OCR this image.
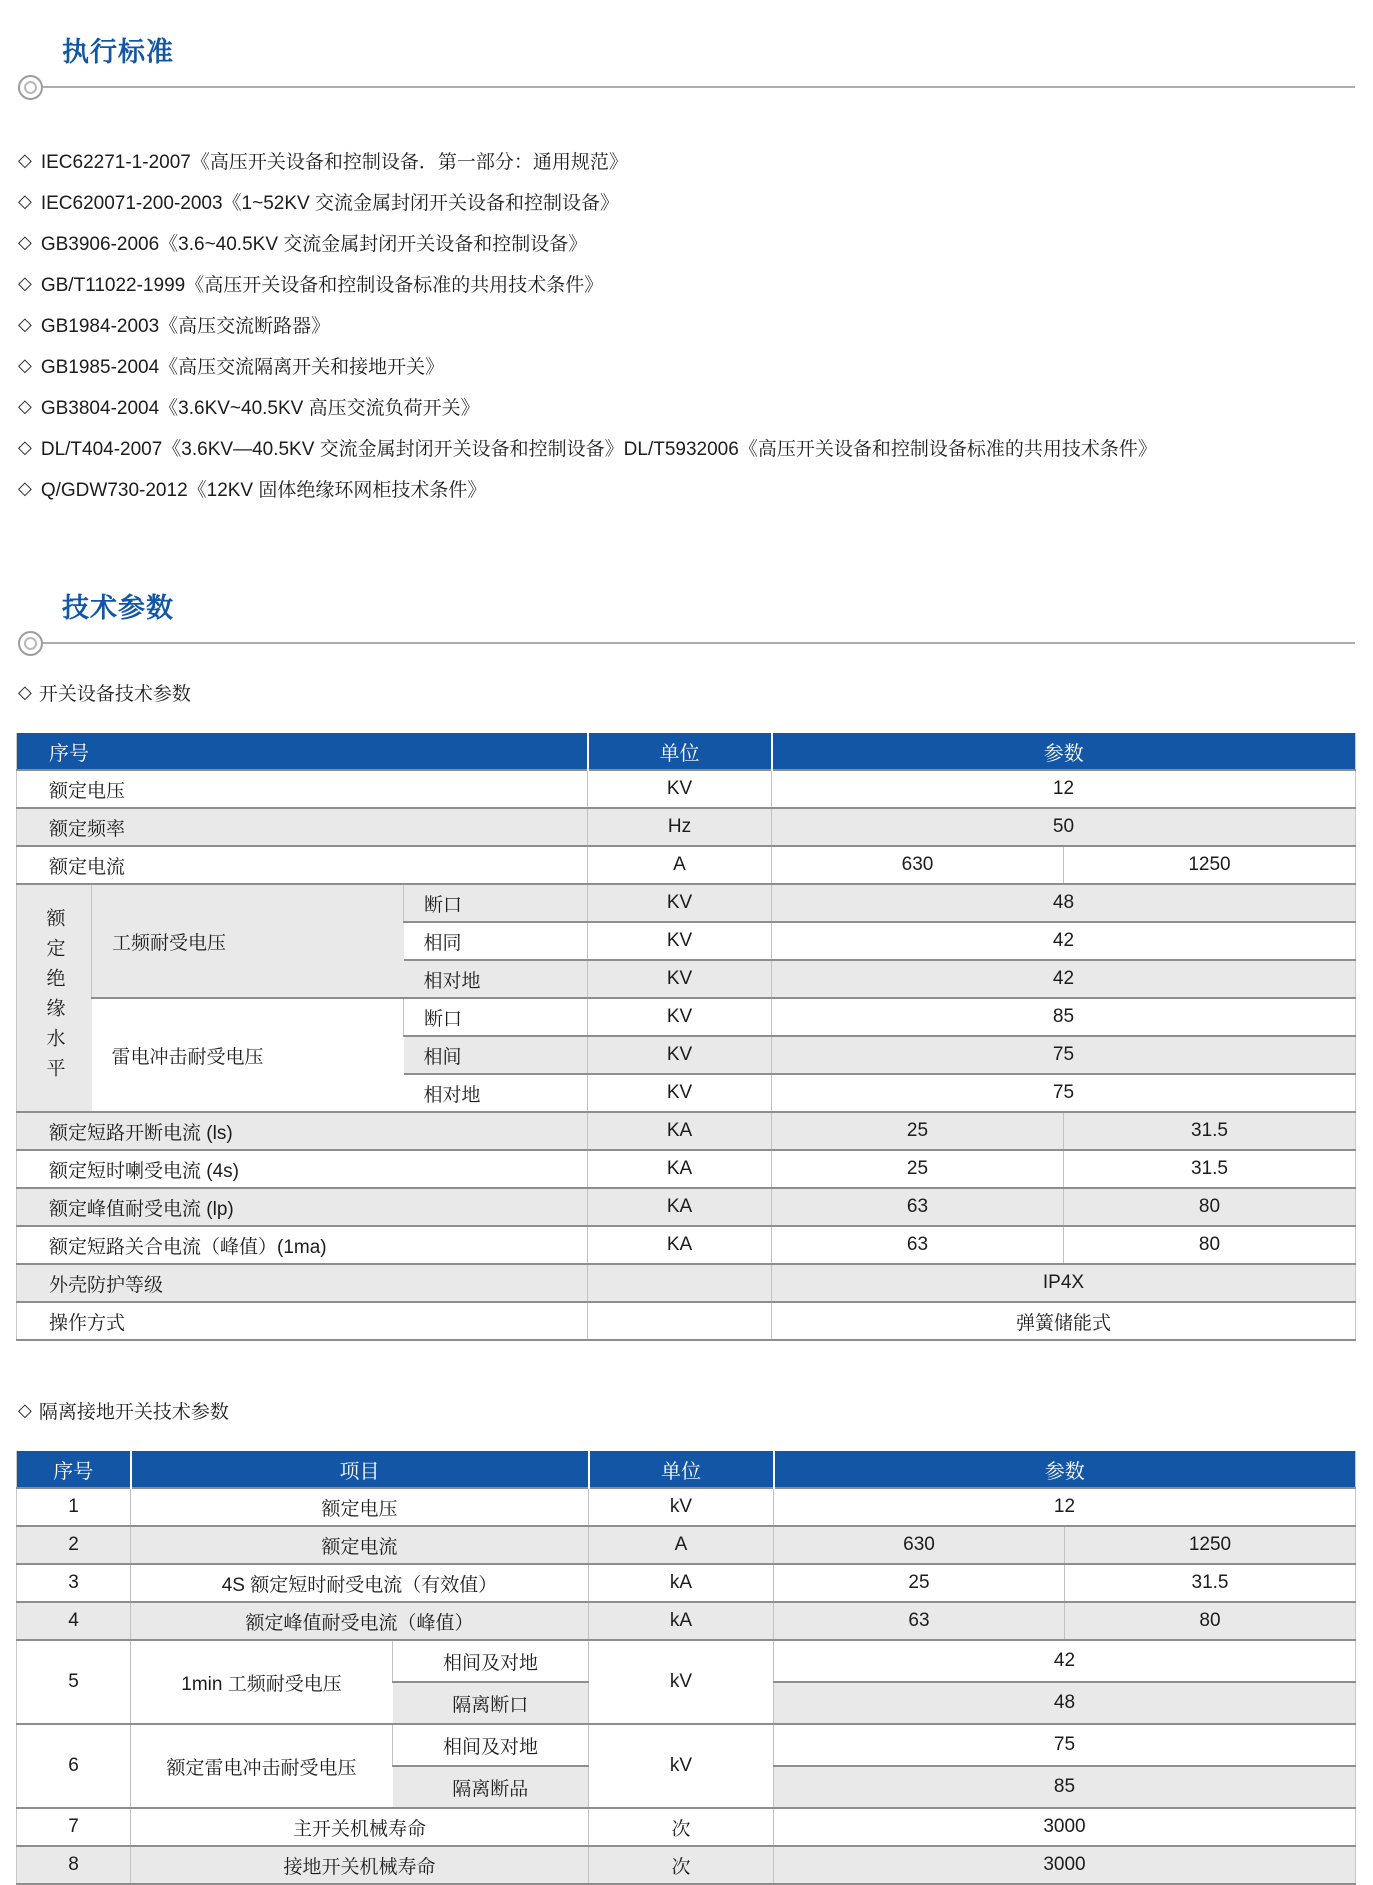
执行标准
◇ IEC62271-1-2007《高压开关设备和控制设备．第一部分：通用规范》
◇ IEC620071-200-2003《1~52KV 交流金属封闭开关设备和控制设备》
◇ GB3906-2006《3.6~40.5KV 交流金属封闭开关设备和控制设备》
◇ GB/T11022-1999《高压开关设备和控制设备标准的共用技术条件》
◇ GB1984-2003《高压交流断路器》
◇ GB1985-2004《高压交流隔离开关和接地开关》
◇ GB3804-2004《3.6KV~40.5KV 高压交流负荷开关》
◇ DL/T404-2007《3.6KV—40.5KV 交流金属封闭开关设备和控制设备》DL/T5932006《高压开关设备和控制设备标准的共用技术条件》
◇ Q/GDW730-2012《12KV 固体绝缘环网柜技术条件》
技术参数
◇ 开关设备技术参数
序号			单位	参数	
额定电压			KV	12	
额定频率			Hz	50	
额定电流			A	630	1250

额定绝缘水平	工频耐受电压	断口	KV	48	
		相同	KV	42	
		相对地	KV	42	
	雷电冲击耐受电压	断口	KV	85	
		相间	KV	75	
		相对地	KV	75	
额定短路开断电流 (ls)			KA	25	31.5
额定短时喇受电流 (4s)			KA	25	31.5
额定峰值耐受电流 (lp)			KA	63	80
额定短路关合电流（峰值）(1ma)			KA	63	80
外壳防护等级				IP4X	
操作方式				弹簧储能式	
◇ 隔离接地开关技术参数
序号	项目		单位	参数	
1	额定电压		kV	12	
2	额定电流		A	630	1250
3	4S 额定短时耐受电流（有效值）		kA	25	31.5
4	额定峰值耐受电流（峰值）		kA	63	80
5	1min 工频耐受电压	相间及对地	kV	42	
		隔离断口		48	
6	额定雷电冲击耐受电压	相间及对地	kV	75	
		隔离断品		85	
7	主开关机械寿命		次	3000	
8	接地开关机械寿命		次	3000	
